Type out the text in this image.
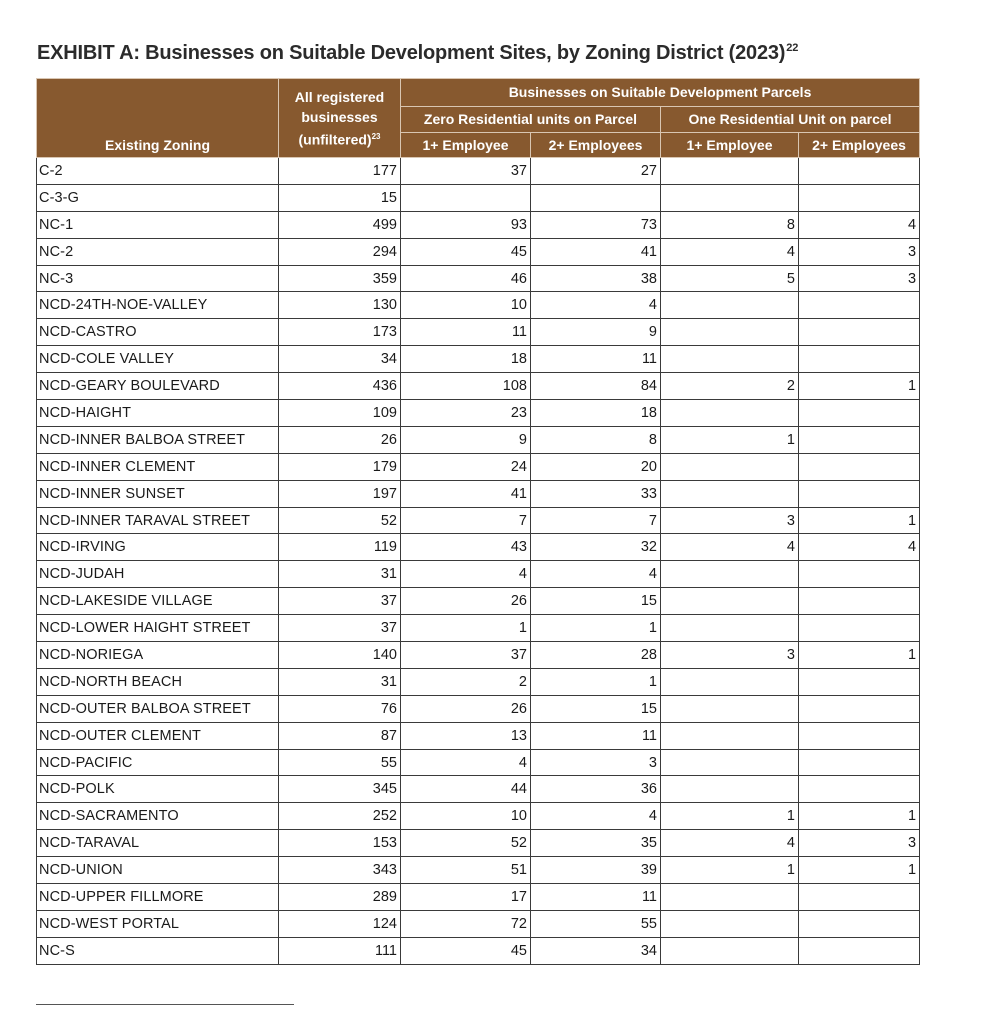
EXHIBIT A: Businesses on Suitable Development Sites, by Zoning District $(2023)^{22}$
Existing Zoning	All registered businesses (unfiltered)$^{23}$	Businesses on Suitable Development Parcels			
		Zero Residential units on Parcel		One Residential Unit on parcel	
		1+ Employee	2+ Employees	1+ Employee	2+ Employees
C-2	177	37	27		
C-3-G	15				
NC-1	499	93	73	8	4
NC-2	294	45	41	4	3
NC-3	359	46	38	5	3
NCD-24TH-NOE-VALLEY	130	10	4		
NCD-CASTRO	173	11	9		
NCD-COLE VALLEY	34	18	11		
NCD-GEARY BOULEVARD	436	108	84	2	1
NCD-HAIGHT	109	23	18		
NCD-INNER BALBOA STREET	26	9	8	1	
NCD-INNER CLEMENT	179	24	20		
NCD-INNER SUNSET	197	41	33		
NCD-INNER TARAVAL STREET	52	7	7	3	1
NCD-IRVING	119	43	32	4	4
NCD-JUDAH	31	4	4		
NCD-LAKESIDE VILLAGE	37	26	15		
NCD-LOWER HAIGHT STREET	37	1	1		
NCD-NORIEGA	140	37	28	3	1
NCD-NORTH BEACH	31	2	1		
NCD-OUTER BALBOA STREET	76	26	15		
NCD-OUTER CLEMENT	87	13	11		
NCD-PACIFIC	55	4	3		
NCD-POLK	345	44	36		
NCD-SACRAMENTO	252	10	4	1	1
NCD-TARAVAL	153	52	35	4	3
NCD-UNION	343	51	39	1	1
NCD-UPPER FILLMORE	289	17	11		
NCD-WEST PORTAL	124	72	55		
NC-S	111	45	34		
